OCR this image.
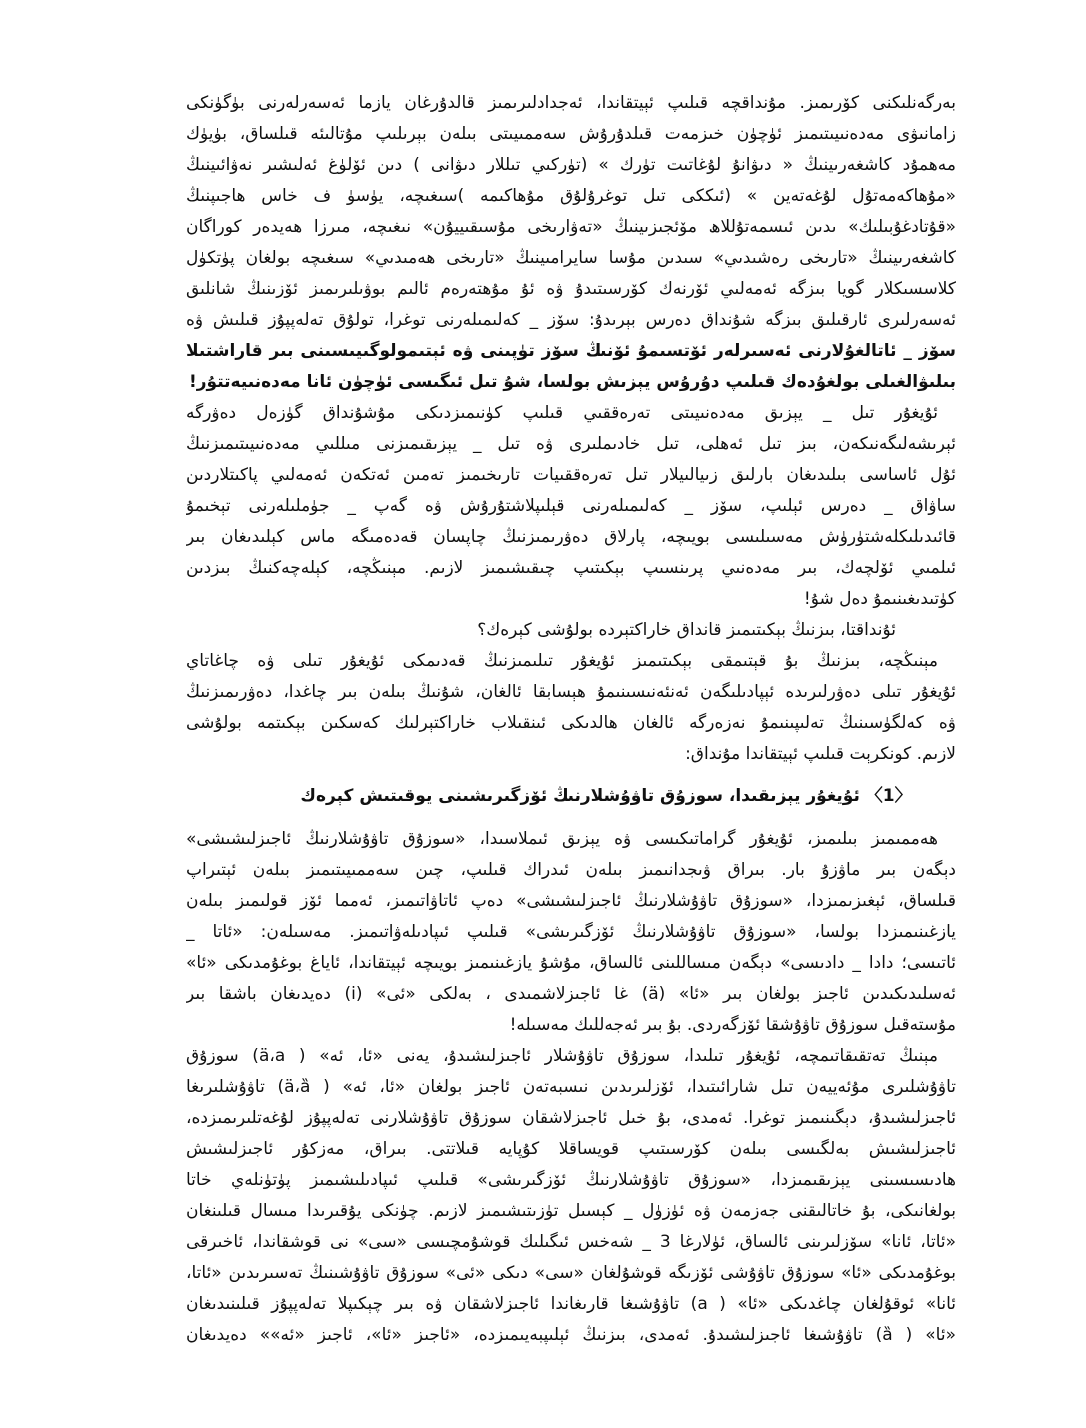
بەرگەنلىكنى كۆرىمىز. مۇنداقچە قىلىپ ئېيتقاندا، ئەجدادلىرىمىز قالدۇرغان يازما ئەسەرلەرنى بۈگۈنكى
زامانىۋى مەدەنىيىتىمىز ئۈچۈن خىزمەت قىلدۇرۇش سەممىيىتى بىلەن بېرىلىپ مۇتالىئە قىلساق، بۈيۈك
مەھمۇد كاشغەرىينىڭ « دىۋانۇ لۇغاتىت تۈرك » (تۈركىي تىللار دىۋانى ) دىن ئۆلۈغ ئەلىشىر نەۋائىينىڭ
«مۇھاكەمەتۇل لۇغەتەين » (ئىككى تىل توغرۇلۇق مۇھاكىمە )سىغىچە، يۈسۈ ف خاس ھاجىپنىڭ
«قۇتادغۇبىلىك» ىدىن ئىسمەتۇللاھ مۆئجىزىينىڭ «تەۋارىخى مۇسىقىييۇن» نىغىچە، مىرزا ھەيدەر كوراگان
كاشغەرىينىڭ «تارىخى رەشىدىي» سىدىن مۇسا سايرامىينىڭ «تارىخى ھەمىدىي» سىغىچە بولغان پۈتكۈل
كلاسسىكلار گويا بىزگە ئەمەلىي ئۆرنەك كۆرسىتىدۇ ۋە ئۇ مۇھتەرەم ئالىم بوۋىلىرىمىز ئۆزىنىڭ شانلىق
ئەسەرلىرى ئارقىلىق بىزگە شۇنداق دەرس بېرىدۇ: سۆز _ كەلىمىلەرنى توغرا، تولۇق تەلەپپۇز قىلىش ۋە
سۆز _ ئاتالغۇلارنى ئەسىرلەر ئۆتسىمۇ ئۆنىڭ سۆز تۈپىنى ۋە ئېتىمولوگىيىسىنى بىر قاراشتىلا
بىلىۋالغىلى بولغۇدەك قىلىپ دۇرۇس يېزىش بولسا، شۇ تىل ئىگىسى ئۈچۈن ئانا مەدەنىيەتتۇر!
ئۇيغۇر تىل _ يېزىق مەدەنىيىتى تەرەققىي قىلىپ كۈنىمىزدىكى مۇشۇنداق گۈزەل دەۋرگە
ئېرىشەلىگەنىكەن، بىز تىل ئەھلى، تىل خادىملىرى ۋە تىل _ يېزىقىمىزنى مىللىي مەدەنىيىتىمىزنىڭ
ئۇل ئاساسى بىلىدىغان بارلىق زىيالىيلار تىل تەرەققىيات تارىخىمىز تەمىن ئەتكەن ئەمەلىي پاكىتلاردىن
ساۋاق _ دەرس ئېلىپ، سۆز _ كەلىمىلەرنى قېلىپلاشتۇرۇش ۋە گەپ _ جۈملىلەرنى تېخىمۇ
قائىدىلىكلەشتۈرۈش مەسىلىسى بويىچە، پارلاق دەۋرىمىزنىڭ چاپسان قەدەمىگە ماس كېلىدىغان بىر
ئىلمىي ئۆلچەك، بىر مەدەنىي پرىنسىپ بېكىتىپ چىقىشىمىز لازىم. مېنىڭچە، كېلەچەكنىڭ بىزدىن
كۈتىدىغىنىمۇ دەل شۇ!
ئۇنداقتا، بىزنىڭ بېكىتىمىز قانداق خاراكتېردە بولۇشى كېرەك؟
مېنىڭچە، بىزنىڭ بۇ قېتىمقى بېكىتىمىز ئۇيغۇر تىلىمىزنىڭ قەدىمكى ئۇيغۇر تىلى ۋە چاغاتاي
ئۇيغۇر تىلى دەۋرلىرىدە ئېپادىلىگەن ئەنئەنىسىنىمۇ ھېسابقا ئالغان، شۇنىڭ بىلەن بىر چاغدا، دەۋرىمىزنىڭ
ۋە كەلگۈسىنىڭ تەلىپىنىمۇ نەزەرگە ئالغان ھالدىكى ئىنقىلاب خاراكتېرلىك كەسكىن بېكىتمە بولۇشى
لازىم. كونكرېت قىلىپ ئېيتقاندا مۇنداق:
〈1〉 ئۇيغۇر يېزىقىدا، سوزۇق تاۋۇشلارنىڭ ئۆزگىرىشىنى يوقىتىش كېرەك
ھەممىمىز بىلىمىز، ئۇيغۇر گراماتىكىسى ۋە يېزىق ئىملاسىدا، «سوزۇق تاۋۇشلارنىڭ ئاجىزلىشىشى»
دېگەن بىر ماۋزۇ بار. بىراق ۋىجدانىمىز بىلەن ئىدراك قىلىپ، چىن سەممىيىتىمىز بىلەن ئېتىراپ
قىلساق، ئېغىزىمىزدا، «سوزۇق تاۋۇشلارنىڭ ئاجىزلىشىشى» دەپ ئاتاۋاتىمىز، ئەمما ئۆز قولىمىز بىلەن
يازغىنىمىزدا بولسا، «سوزۇق تاۋۇشلارنىڭ ئۆزگىرىشى» قىلىپ ئىپادىلەۋاتىمىز. مەسىلەن: «ئاتا _
ئاتىسى؛ دادا _ دادىسى» دېگەن مىساللىنى ئالساق، مۇشۇ يازغىنىمىز بويىچە ئېيتقاندا، ئاياغ بوغۇمدىكى «ئا»
ئەسلىدىكىدىن ئاجىز بولغان بىر «ئا» (ä) غا ئاجىزلاشمىدى ، بەلكى «ئى» (i) دەيدىغان باشقا بىر
مۇستەقىل سوزۇق تاۋۇشقا ئۆزگەردى. بۇ بىر ئەجەللىك مەسىلە!
مېنىڭ تەتقىقاتىمچە، ئۇيغۇر تىلىدا، سوزۇق تاۋۇشلار ئاجىزلىشىدۇ، يەنى «ئا، ئە» ( ä،a) سوزۇق
تاۋۇشلىرى مۇئەييەن تىل شارائىتىدا، ئۆزلىرىدىن نىسبەتەن ئاجىز بولغان «ئا، ئە» ( ä،ȁ) تاۋۇشلىرىغا
ئاجىزلىشىدۇ، دېگىنىمىز توغرا. ئەمدى، بۇ خىل ئاجىزلاشقان سوزۇق تاۋۇشلارنى تەلەپپۇز لۇغەتلىرىمىزدە،
ئاجىزلىشىش بەلگىسى بىلەن كۆرسىتىپ قويساقلا كۇپايە قىلاتتى. بىراق، مەزكۇر ئاجىزلىشىش
ھادىسىسىنى يېزىقىمىزدا، «سوزۇق تاۋۇشلارنىڭ ئۆزگىرىشى» قىلىپ ئىپادىلىشىمىز پۈتۈنلەي خاتا
بولغانىكى، بۇ خاتالىقنى جەزمەن ۋە ئۈزۈل _ كېسىل تۈزىتىشىمىز لازىم. چۈنكى يۇقىرىدا مىسال قىلىنغان
«ئاتا، ئانا» سۆزلىرىنى ئالساق، ئۈلارغا 3 _ شەخس ئىگىلىك قوشۇمچىسى «سى» نى قوشقاندا، ئاخىرقى
بوغۇمدىكى «ئا» سوزۇق تاۋۇشى ئۆزىگە قوشۇلغان «سى» دىكى «ئى» سوزۇق تاۋۇشىنىڭ تەسىرىدىن «ئاتا،
ئانا» ئوقۇلغان چاغدىكى «ئا» ( a) تاۋۇشىغا قارىغاندا ئاجىزلاشقان ۋە بىر چېكىپلا تەلەپپۇز قىلىنىدىغان
«ئا» ( ȁ) تاۋۇشىغا ئاجىزلىشىدۇ. ئەمدى، بىزنىڭ ئېلىپبەيىمىزدە، «ئاجىز «ئا»، ئاجىز «ئە»» دەيدىغان
